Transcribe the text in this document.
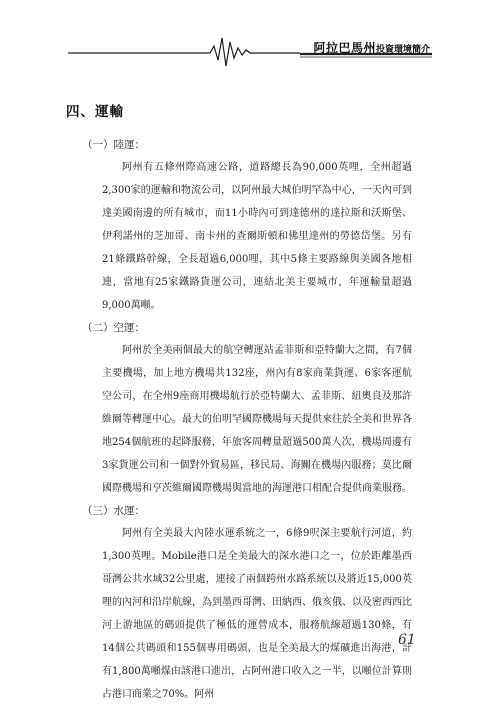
阿拉巴馬州投資環境簡介
四、運輸
（一）陸運：

阿州有五條州際高速公路，道路總長為90,000英哩，全州超過2,300家的運輸和物流公司，以阿州最大城伯明罕為中心，一天內可到達美國南邊的所有城市，而11小時內可到達德州的達拉斯和沃斯堡、伊利諾州的芝加哥、南卡州的查爾斯頓和佛里達州的勞德岱堡。另有21條鐵路幹線，全長超過6,000哩，其中5條主要路線與美國各地相連，當地有25家鐵路貨運公司，連結北美主要城市，年運輸量超過9,000萬噸。

（二）空運：

阿州於全美兩個最大的航空轉運站孟菲斯和亞特蘭大之間，有7個主要機場，加上地方機場共132座，州內有8家商業貨運、6家客運航空公司，在全州9座商用機場航行於亞特蘭大、孟菲斯、紐奧良及那許維爾等轉運中心。最大的伯明罕國際機場每天提供來往於全美和世界各地254個航班的起降服務，年旅客周轉量超過500萬人次，機場周邊有3家貨運公司和一個對外貿易區，移民局、海關在機場內服務；莫比爾國際機場和亨茨維爾國際機場與當地的海運港口相配合提供商業服務。

（三）水運：

阿州有全美最大內陸水運系統之一，6條9呎深主要航行河道，約1,300英哩。Mobile港口是全美最大的深水港口之一，位於距離墨西哥灣公共水域32公里處，連接了兩個跨州水路系統以及將近15,000英哩的內河和沿岸航線，為到墨西哥灣、田納西、俄亥俄、以及密西西比河上游地區的碼頭提供了極低的運營成本，服務航線超過130條，有14個公共碼頭和155個專用碼頭，也是全美最大的煤礦進出海港，計有1,800萬噸煤由該港口進出，占阿州港口收入之一半，以噸位計算則占港口商業之70%。阿州

61
